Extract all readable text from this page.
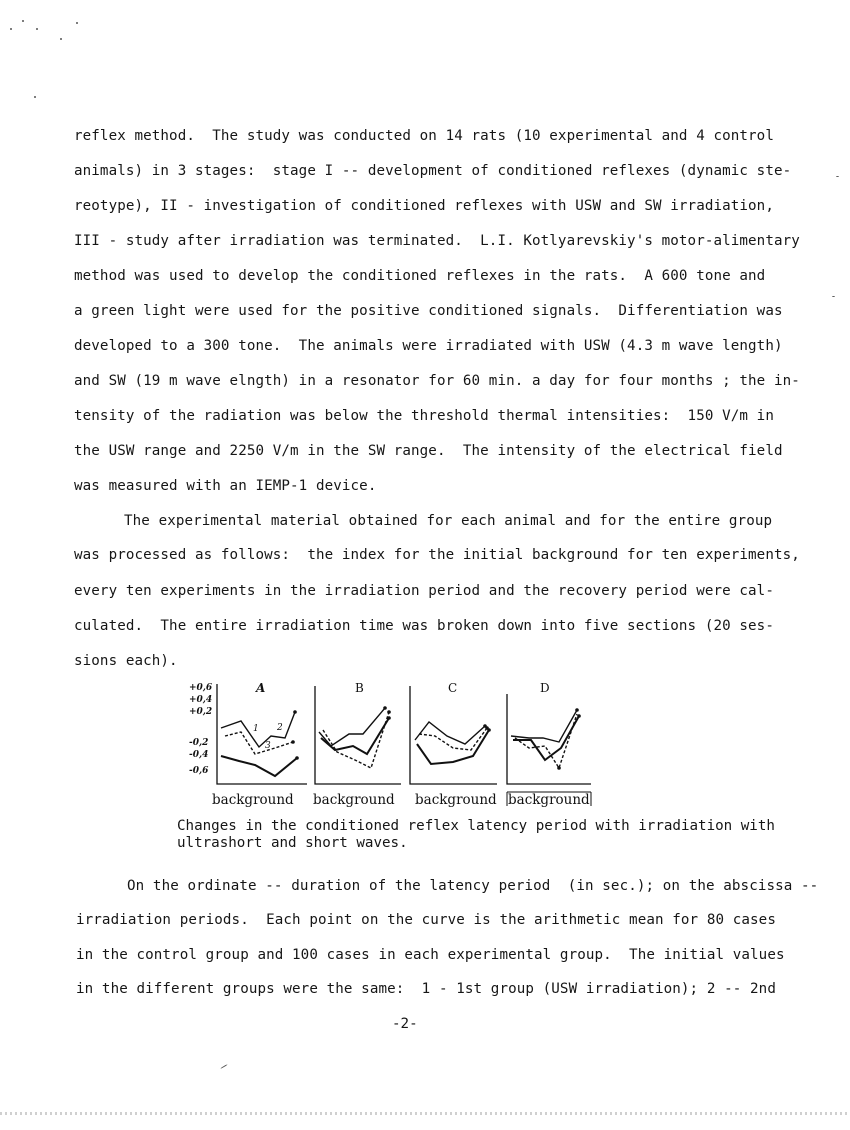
reflex method.  The study was conducted on 14 rats (10 experimental and 4 control
animals) in 3 stages:  stage I -- development of conditioned reflexes (dynamic ste-
reotype), II - investigation of conditioned reflexes with USW and SW irradiation,
III - study after irradiation was terminated.  L.I. Kotlyarevskiy's motor-alimentary
method was used to develop the conditioned reflexes in the rats.  A 600 tone and
a green light were used for the positive conditioned signals.  Differentiation was
developed to a 300 tone.  The animals were irradiated with USW (4.3 m wave length)
and SW (19 m wave elngth) in a resonator for 60 min. a day for four months ; the in-
tensity of the radiation was below the threshold thermal intensities:  150 V/m in
the USW range and 2250 V/m in the SW range.  The intensity of the electrical field
was measured with an IEMP-1 device.
The experimental material obtained for each animal and for the entire group
was processed as follows:  the index for the initial background for ten experiments,
every ten experiments in the irradiation period and the recovery period were cal-
culated.  The entire irradiation time was broken down into five sections (20 ses-
sions each).
+0,6
+0,4
+0,2
-0,2
-0,4
-0,6
A	B	C	D
1 2
3
background background background background
Changes in the conditioned reflex latency period with irradiation with
ultrashort and short waves.
On the ordinate -- duration of the latency period  (in sec.); on the abscissa --
irradiation periods.  Each point on the curve is the arithmetic mean for 80 cases
in the control group and 100 cases in each experimental group.  The initial values
in the different groups were the same:  1 - 1st group (USW irradiation); 2 -- 2nd
-2-
